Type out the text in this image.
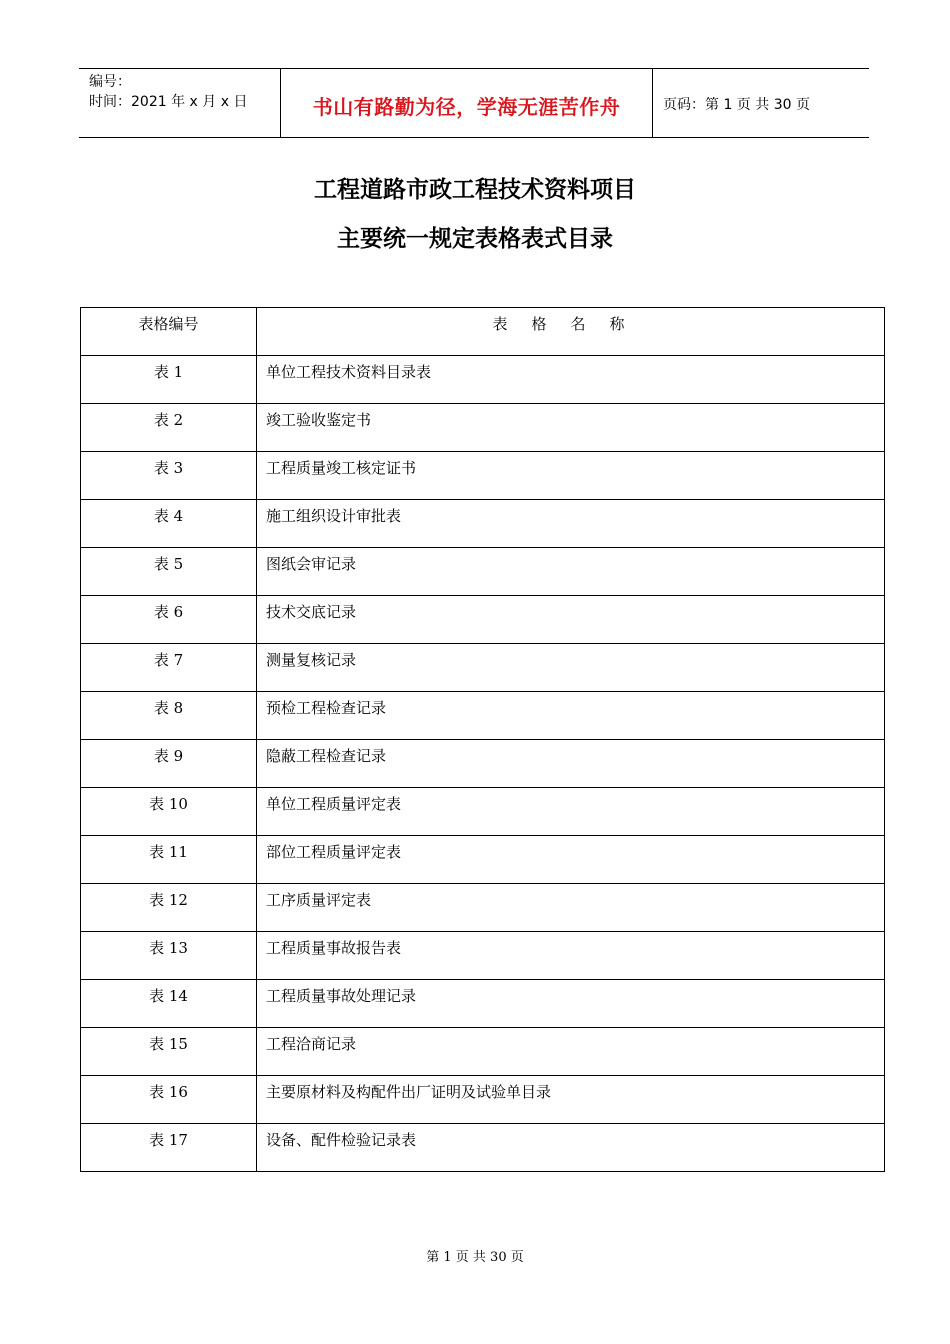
编号：
时间：2021 年 x 月 x 日	书山有路勤为径，学海无涯苦作舟	页码：第 1 页 共 30 页
工程道路市政工程技术资料项目
主要统一规定表格表式目录
表格编号	表格名称
表 1	单位工程技术资料目录表
表 2	竣工验收鉴定书
表 3	工程质量竣工核定证书
表 4	施工组织设计审批表
表 5	图纸会审记录
表 6	技术交底记录
表 7	测量复核记录
表 8	预检工程检查记录
表 9	隐蔽工程检查记录
表 10	单位工程质量评定表
表 11	部位工程质量评定表
表 12	工序质量评定表
表 13	工程质量事故报告表
表 14	工程质量事故处理记录
表 15	工程洽商记录
表 16	主要原材料及构配件出厂证明及试验单目录
表 17	设备、配件检验记录表
第 1 页 共 30 页
